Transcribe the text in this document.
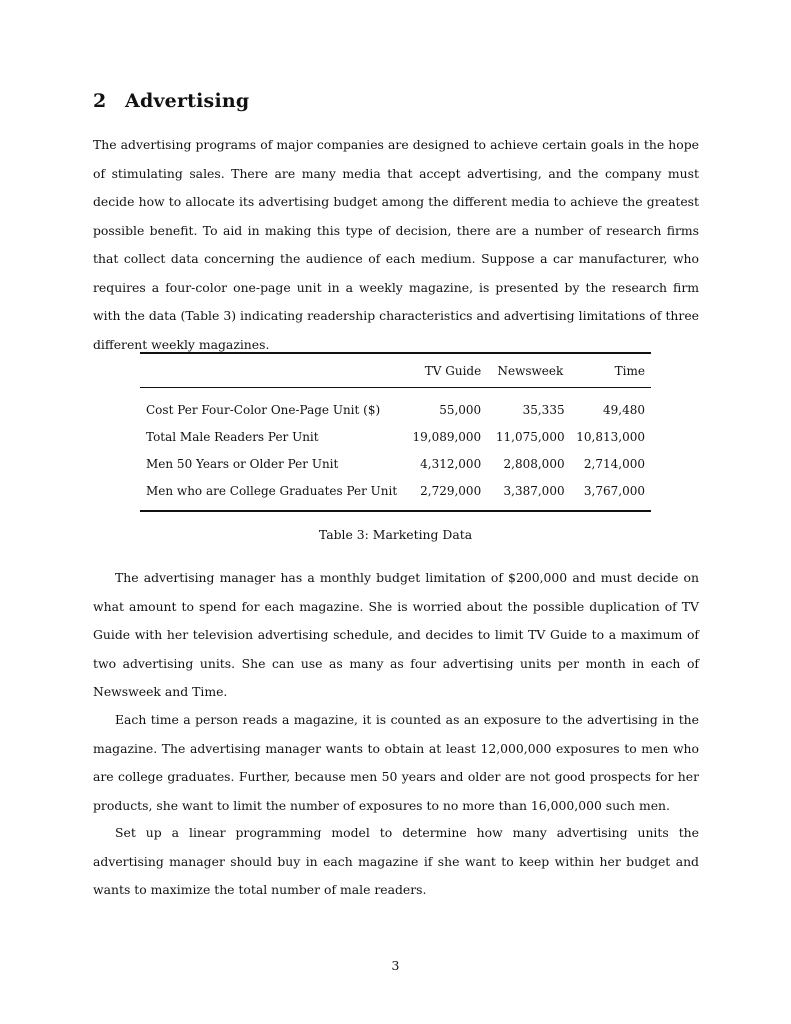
2 Advertising

The advertising programs of major companies are designed to achieve certain goals in the hope of stimulating sales. There are many media that accept advertising, and the company must decide how to allocate its advertising budget among the different media to achieve the greatest possible benefit. To aid in making this type of decision, there are a number of research firms that collect data concerning the audience of each medium. Suppose a car manufacturer, who requires a four-color one-page unit in a weekly magazine, is presented by the research firm with the data (Table 3) indicating readership characteristics and advertising limitations of three different weekly magazines.

	TV Guide	Newsweek	Time
Cost Per Four-Color One-Page Unit ($)	55,000	35,335	49,480
Total Male Readers Per Unit	19,089,000	11,075,000	10,813,000
Men 50 Years or Older Per Unit	4,312,000	2,808,000	2,714,000
Men who are College Graduates Per Unit	2,729,000	3,387,000	3,767,000

Table 3: Marketing Data

The advertising manager has a monthly budget limitation of $200,000 and must decide on what amount to spend for each magazine. She is worried about the possible duplication of TV Guide with her television advertising schedule, and decides to limit TV Guide to a maximum of two advertising units. She can use as many as four advertising units per month in each of Newsweek and Time.

Each time a person reads a magazine, it is counted as an exposure to the advertising in the magazine. The advertising manager wants to obtain at least 12,000,000 exposures to men who are college graduates. Further, because men 50 years and older are not good prospects for her products, she want to limit the number of exposures to no more than 16,000,000 such men.

Set up a linear programming model to determine how many advertising units the advertising manager should buy in each magazine if she want to keep within her budget and wants to maximize the total number of male readers.

3
